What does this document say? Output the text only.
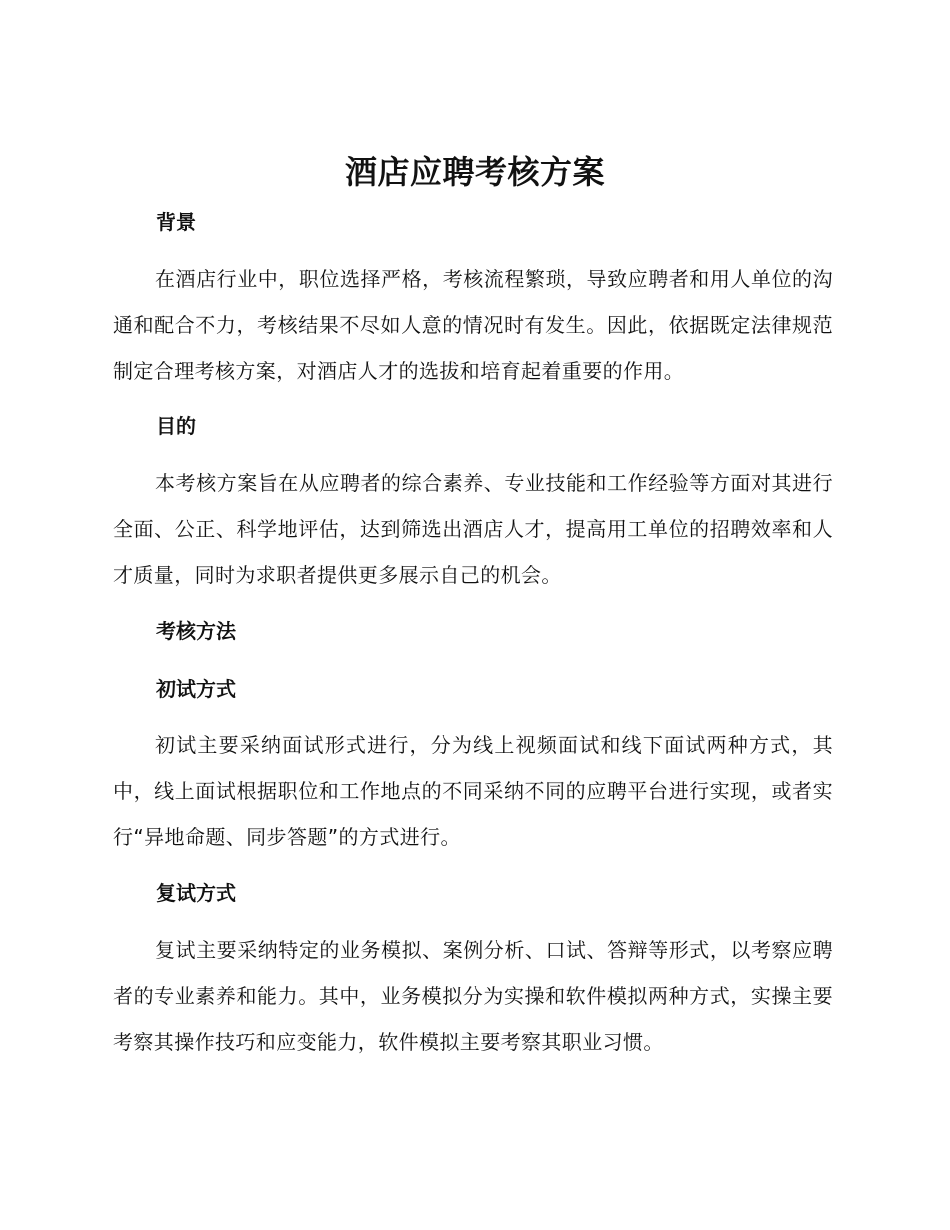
酒店应聘考核方案
背景
在酒店行业中，职位选择严格，考核流程繁琐，导致应聘者和用人单位的沟通和配合不力，考核结果不尽如人意的情况时有发生。因此，依据既定法律规范制定合理考核方案，对酒店人才的选拔和培育起着重要的作用。
目的
本考核方案旨在从应聘者的综合素养、专业技能和工作经验等方面对其进行全面、公正、科学地评估，达到筛选出酒店人才，提高用工单位的招聘效率和人才质量，同时为求职者提供更多展示自己的机会。
考核方法
初试方式
初试主要采纳面试形式进行，分为线上视频面试和线下面试两种方式，其中，线上面试根据职位和工作地点的不同采纳不同的应聘平台进行实现，或者实行“异地命题、同步答题”的方式进行。
复试方式
复试主要采纳特定的业务模拟、案例分析、口试、答辩等形式，以考察应聘者的专业素养和能力。其中，业务模拟分为实操和软件模拟两种方式，实操主要考察其操作技巧和应变能力，软件模拟主要考察其职业习惯。
